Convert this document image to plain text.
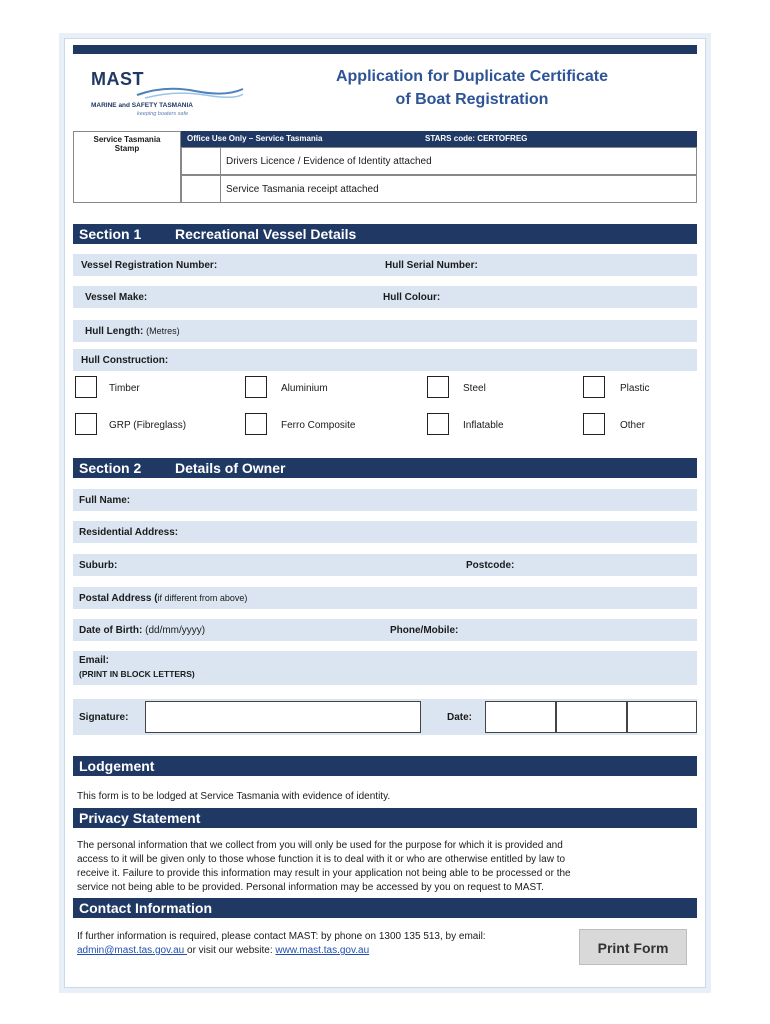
MAST
MARINE and SAFETY TASMANIA
keeping boaters safe
Application for Duplicate Certificate
of Boat Registration
Service Tasmania
Stamp
Office Use Only – Service Tasmania	STARS code: CERTOFREG
Drivers Licence / Evidence of Identity attached
Service Tasmania receipt attached
Section 1 Recreational Vessel Details
Vessel Registration Number:	Hull Serial Number:
Vessel Make:	Hull Colour:
Hull Length: (Metres)
Hull Construction:
Timber	Aluminium	Steel	Plastic
GRP (Fibreglass)	Ferro Composite	Inflatable	Other
Section 2 Details of Owner
Full Name:
Residential Address:
Suburb:	Postcode:
Postal Address (if different from above)
Date of Birth: (dd/mm/yyyy)	Phone/Mobile:
Email:
(PRINT IN BLOCK LETTERS)
Signature:	Date:
Lodgement
This form is to be lodged at Service Tasmania with evidence of identity.
Privacy Statement
The personal information that we collect from you will only be used for the purpose for which it is provided and
access to it will be given only to those whose function it is to deal with it or who are otherwise entitled by law to
receive it. Failure to provide this information may result in your application not being able to be processed or the
service not being able to be provided. Personal information may be accessed by you on request to MAST.
Contact Information
If further information is required, please contact MAST: by phone on 1300 135 513, by email:
admin@mast.tas.gov.au or visit our website: www.mast.tas.gov.au	Print Form
